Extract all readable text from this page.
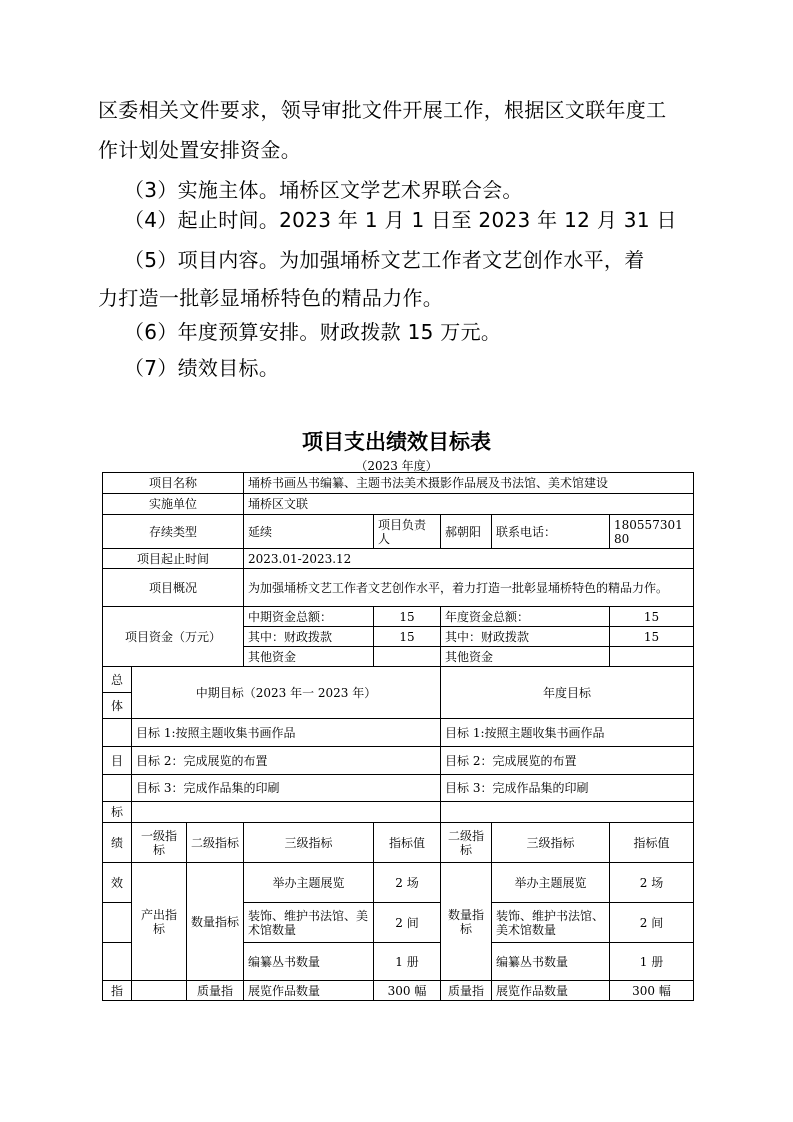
区委相关文件要求，领导审批文件开展工作，根据区文联年度工
作计划处置安排资金。
（3）实施主体。埇桥区文学艺术界联合会。
（4）起止时间。2023 年 1 月 1 日至 2023 年 12 月 31 日
（5）项目内容。为加强埇桥文艺工作者文艺创作水平，着
力打造一批彰显埇桥特色的精品力作。
（6）年度预算安排。财政拨款 15 万元。
（7）绩效目标。
项目支出绩效目标表
（2023 年度）
项目名称			埇桥书画丛书编纂、主题书法美术摄影作品展及书法馆、美术馆建设				
实施单位			埇桥区文联				
存续类型			延续	项目负责人	郝朝阳	联系电话：	18055730180
项目起止时间			2023.01-2023.12				
项目概况			为加强埇桥文艺工作者文艺创作水平，着力打造一批彰显埇桥特色的精品力作。				
项目资金（万元）			中期资金总额：	15	年度资金总额：		15
			其中：财政拨款	15	其中：财政拨款		15
			其他资金		其他资金		
总	中期目标（2023 年一 2023 年）				年度目标		
体							
	目标 1:按照主题收集书画作品				目标 1:按照主题收集书画作品		
目	目标 2：完成展览的布置				目标 2：完成展览的布置		
	目标 3：完成作品集的印刷				目标 3：完成作品集的印刷		
标							
绩	一级指标	二级指标	三级指标	指标值	二级指标	三级指标	指标值
效	产出指标	数量指标	举办主题展览	2 场	数量指标	举办主题展览	2 场
			装饰、维护书法馆、美术馆数量	2 间		装饰、维护书法馆、美术馆数量	2 间
			编纂丛书数量	1 册		编纂丛书数量	1 册
指		质量指	展览作品数量	300 幅	质量指	展览作品数量	300 幅
